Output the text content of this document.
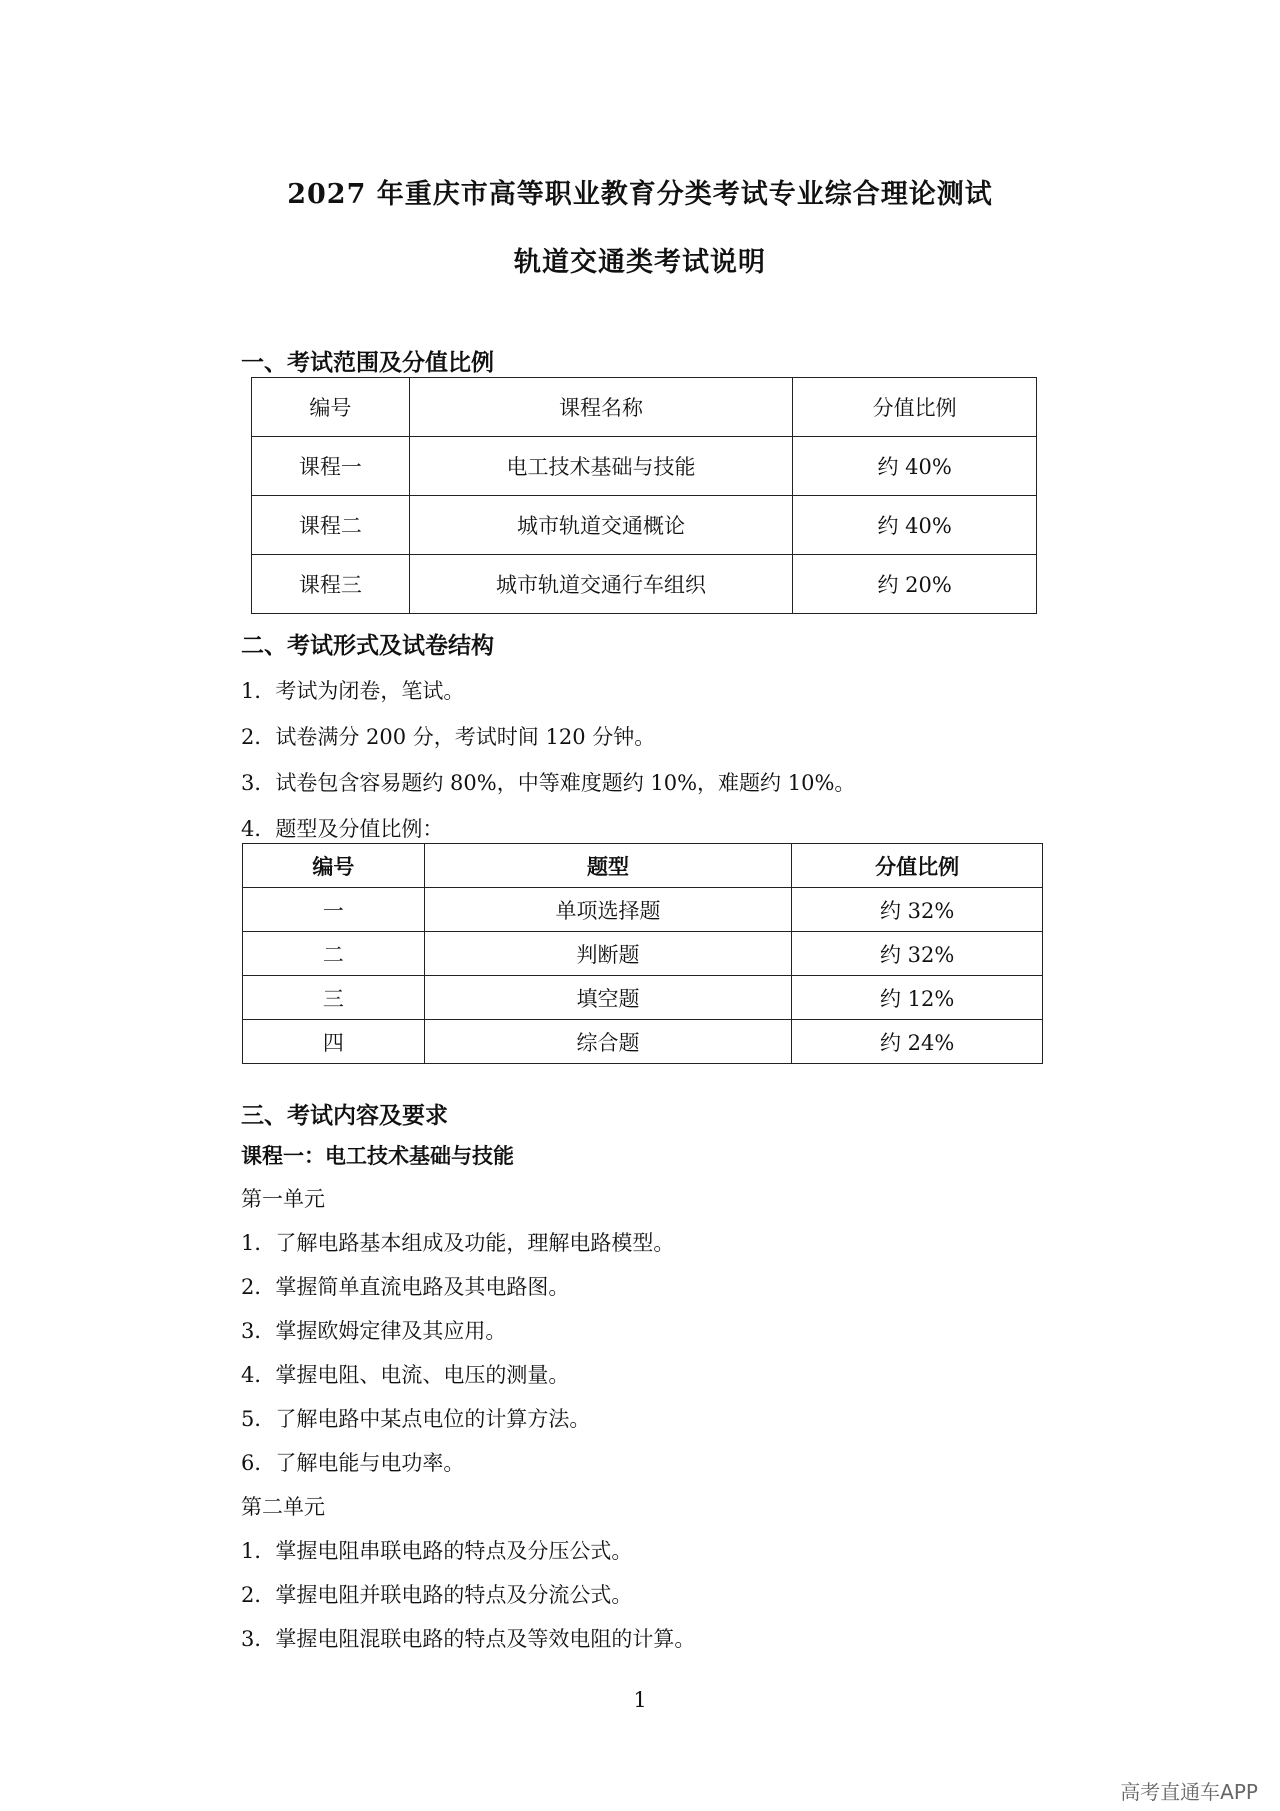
2027 年重庆市高等职业教育分类考试专业综合理论测试
轨道交通类考试说明
一、考试范围及分值比例
编号	课程名称	分值比例
课程一	电工技术基础与技能	约 40%
课程二	城市轨道交通概论	约 40%
课程三	城市轨道交通行车组织	约 20%
二、考试形式及试卷结构
1．考试为闭卷，笔试。
2．试卷满分 200 分，考试时间 120 分钟。
3．试卷包含容易题约 80%，中等难度题约 10%，难题约 10%。
4．题型及分值比例：
编号	题型	分值比例
一	单项选择题	约 32%
二	判断题	约 32%
三	填空题	约 12%
四	综合题	约 24%
三、考试内容及要求
课程一：电工技术基础与技能
第一单元
1．了解电路基本组成及功能，理解电路模型。
2．掌握简单直流电路及其电路图。
3．掌握欧姆定律及其应用。
4．掌握电阻、电流、电压的测量。
5．了解电路中某点电位的计算方法。
6．了解电能与电功率。
第二单元
1．掌握电阻串联电路的特点及分压公式。
2．掌握电阻并联电路的特点及分流公式。
3．掌握电阻混联电路的特点及等效电阻的计算。
1
高考直通车APP
